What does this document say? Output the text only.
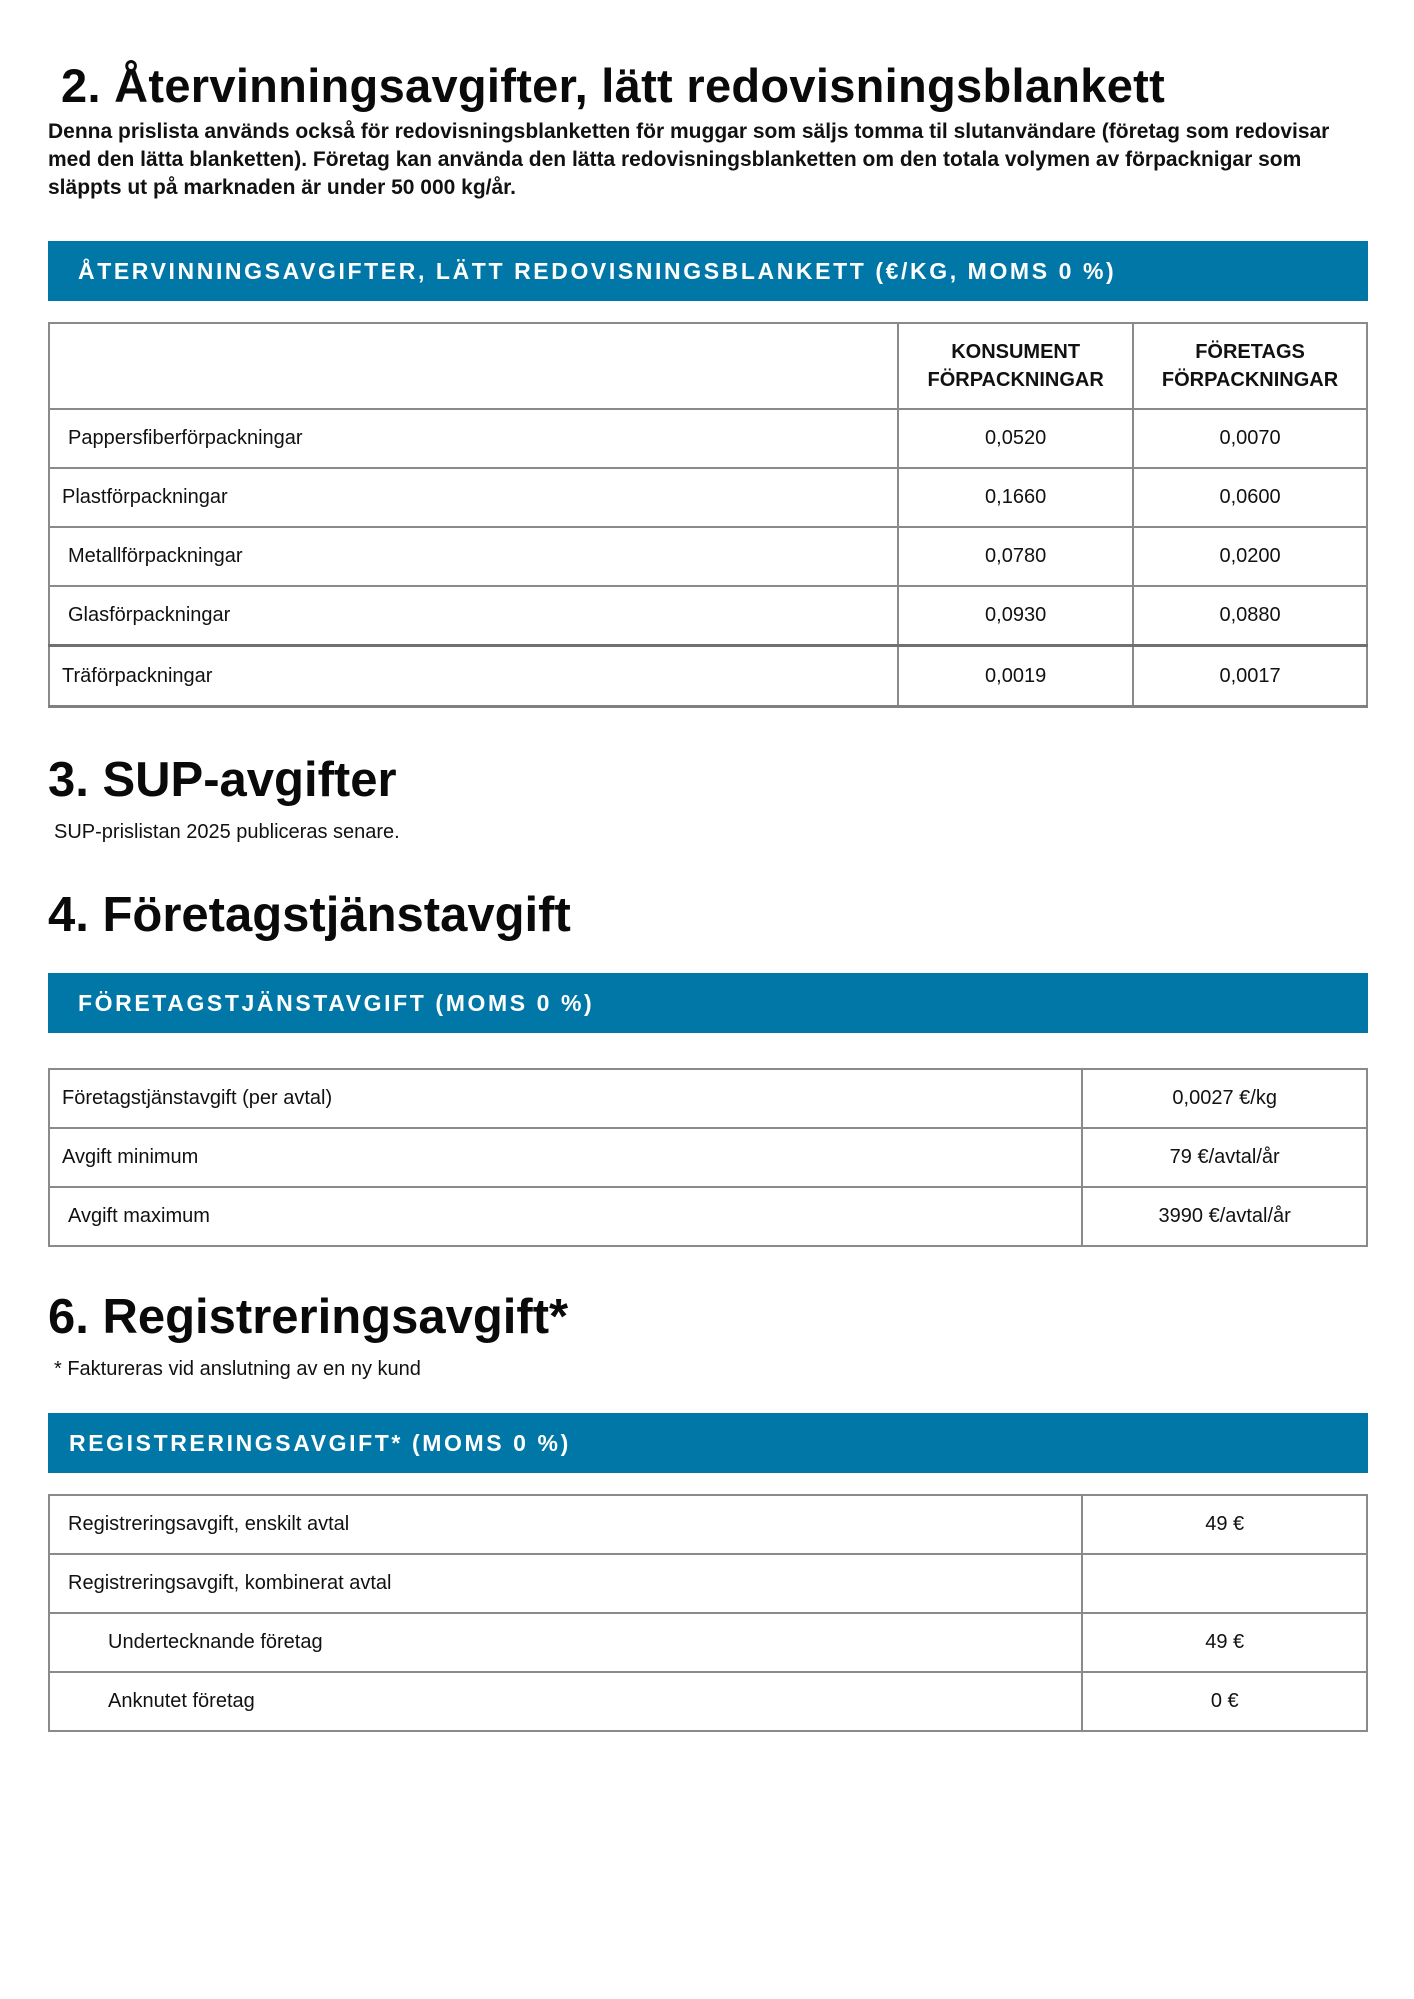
2. Återvinningsavgifter, lätt redovisningsblankett
Denna prislista används också för redovisningsblanketten för muggar som säljs tomma til slutanvändare (företag som redovisar med den lätta blanketten). Företag kan använda den lätta redovisningsblanketten om den totala volymen av förpacknigar som släppts ut på marknaden är under 50 000 kg/år.
ÅTERVINNINGSAVGIFTER, LÄTT REDOVISNINGSBLANKETT (€/KG, MOMS 0 %)
	KONSUMENT FÖRPACKNINGAR	FÖRETAGS FÖRPACKNINGAR
Pappersfiberförpackningar	0,0520	0,0070
Plastförpackningar	0,1660	0,0600
Metallförpackningar	0,0780	0,0200
Glasförpackningar	0,0930	0,0880
Träförpackningar	0,0019	0,0017
3. SUP-avgifter
SUP-prislistan 2025 publiceras senare.
4. Företagstjänstavgift
FÖRETAGSTJÄNSTAVGIFT (MOMS 0 %)
Företagstjänstavgift (per avtal)	0,0027 €/kg
Avgift minimum	79 €/avtal/år
Avgift maximum	3990 €/avtal/år
6. Registreringsavgift*
* Faktureras vid anslutning av en ny kund
REGISTRERINGSAVGIFT* (MOMS 0 %)
Registreringsavgift, enskilt avtal	49 €
Registreringsavgift, kombinerat avtal	
Undertecknande företag	49 €
Anknutet företag	0 €
